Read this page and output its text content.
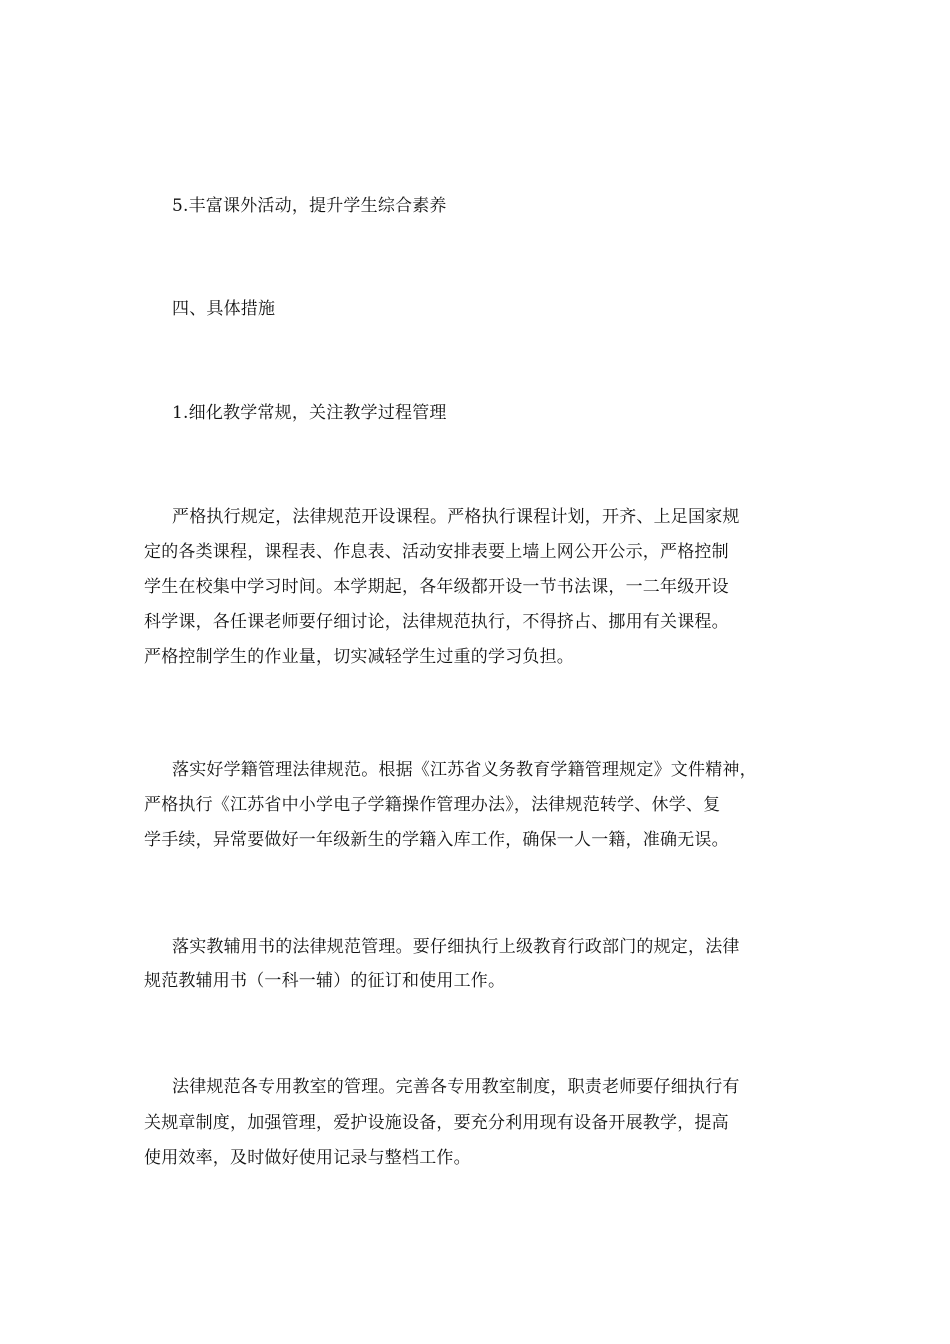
5.丰富课外活动，提升学生综合素养
四、具体措施
1.细化教学常规，关注教学过程管理
严格执行规定，法律规范开设课程。严格执行课程计划，开齐、上足国家规
定的各类课程，课程表、作息表、活动安排表要上墙上网公开公示，严格控制
学生在校集中学习时间。本学期起，各年级都开设一节书法课，一二年级开设
科学课，各任课老师要仔细讨论，法律规范执行，不得挤占、挪用有关课程。
严格控制学生的作业量，切实减轻学生过重的学习负担。
落实好学籍管理法律规范。根据《江苏省义务教育学籍管理规定》文件精神，
严格执行《江苏省中小学电子学籍操作管理办法》，法律规范转学、休学、复
学手续，异常要做好一年级新生的学籍入库工作，确保一人一籍，准确无误。
落实教辅用书的法律规范管理。要仔细执行上级教育行政部门的规定，法律
规范教辅用书（一科一辅）的征订和使用工作。
法律规范各专用教室的管理。完善各专用教室制度，职责老师要仔细执行有
关规章制度，加强管理，爱护设施设备，要充分利用现有设备开展教学，提高
使用效率，及时做好使用记录与整档工作。
